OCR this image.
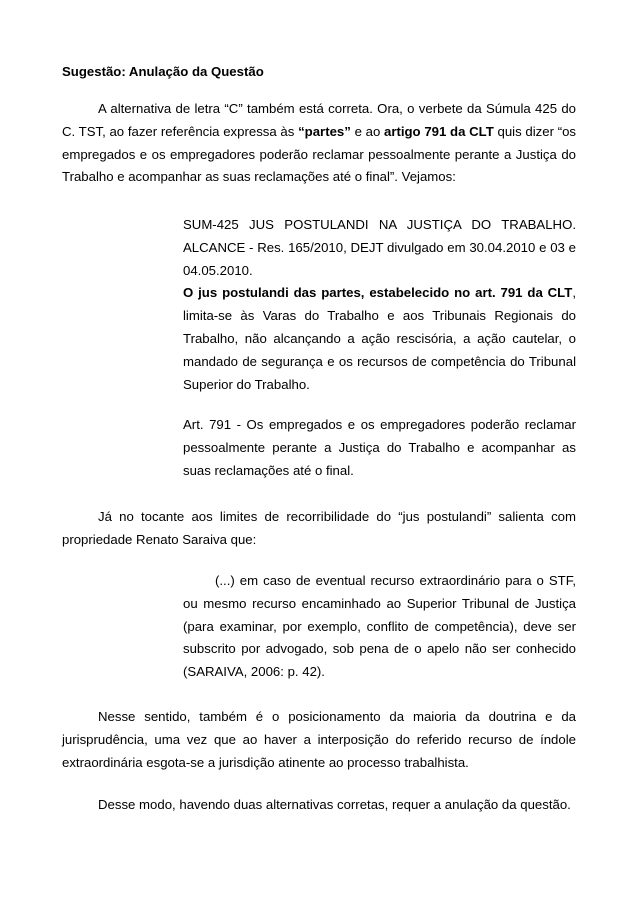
Sugestão: Anulação da Questão

A alternativa de letra “C” também está correta. Ora, o verbete da Súmula 425 do C. TST, ao fazer referência expressa às “partes” e ao artigo 791 da CLT quis dizer “os empregados e os empregadores poderão reclamar pessoalmente perante a Justiça do Trabalho e acompanhar as suas reclamações até o final”. Vejamos:

SUM-425 JUS POSTULANDI NA JUSTIÇA DO TRABALHO. ALCANCE - Res. 165/2010, DEJT divulgado em 30.04.2010 e 03 e 04.05.2010.
O jus postulandi das partes, estabelecido no art. 791 da CLT, limita-se às Varas do Trabalho e aos Tribunais Regionais do Trabalho, não alcançando a ação rescisória, a ação cautelar, o mandado de segurança e os recursos de competência do Tribunal Superior do Trabalho.

Art. 791 - Os empregados e os empregadores poderão reclamar pessoalmente perante a Justiça do Trabalho e acompanhar as suas reclamações até o final.

Já no tocante aos limites de recorribilidade do “jus postulandi” salienta com propriedade Renato Saraiva que:

(...) em caso de eventual recurso extraordinário para o STF, ou mesmo recurso encaminhado ao Superior Tribunal de Justiça (para examinar, por exemplo, conflito de competência), deve ser subscrito por advogado, sob pena de o apelo não ser conhecido (SARAIVA, 2006: p. 42).

Nesse sentido, também é o posicionamento da maioria da doutrina e da jurisprudência, uma vez que ao haver a interposição do referido recurso de índole extraordinária esgota-se a jurisdição atinente ao processo trabalhista.

Desse modo, havendo duas alternativas corretas, requer a anulação da questão.
